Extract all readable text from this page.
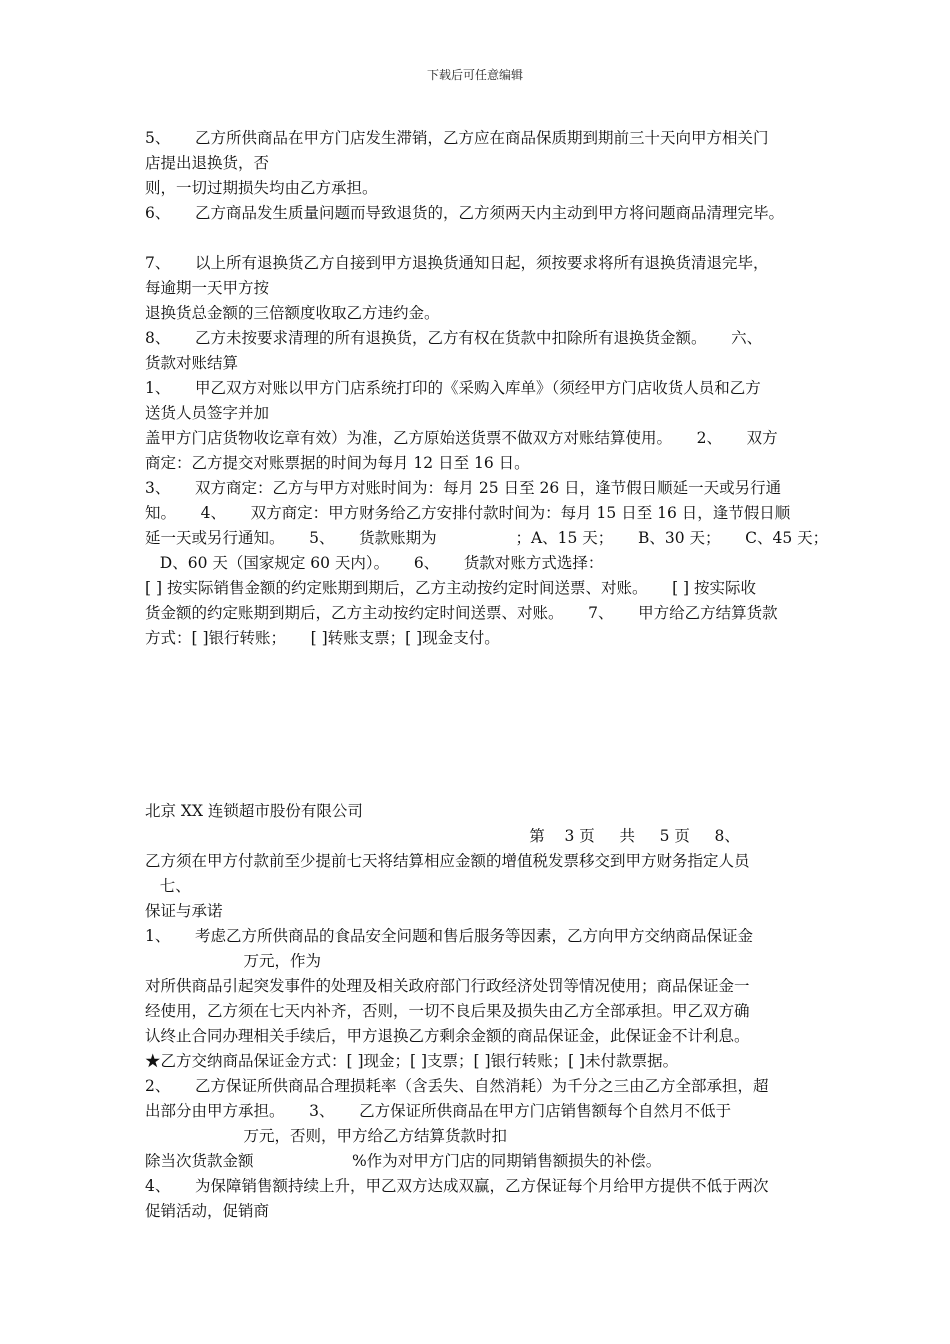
下载后可任意编辑
5、     乙方所供商品在甲方门店发生滞销，乙方应在商品保质期到期前三十天向甲方相关门
店提出退换货，否
则，一切过期损失均由乙方承担。
6、     乙方商品发生质量问题而导致退货的，乙方须两天内主动到甲方将问题商品清理完毕。
7、     以上所有退换货乙方自接到甲方退换货通知日起，须按要求将所有退换货清退完毕，
每逾期一天甲方按
退换货总金额的三倍额度收取乙方违约金。
8、     乙方未按要求清理的所有退换货，乙方有权在货款中扣除所有退换货金额。     六、
货款对账结算
1、     甲乙双方对账以甲方门店系统打印的《采购入库单》（须经甲方门店收货人员和乙方
送货人员签字并加
盖甲方门店货物收讫章有效）为准，乙方原始送货票不做双方对账结算使用。     2、     双方
商定：乙方提交对账票据的时间为每月 12 日至 16 日。
3、     双方商定：乙方与甲方对账时间为：每月 25 日至 26 日，逢节假日顺延一天或另行通
知。     4、     双方商定：甲方财务给乙方安排付款时间为：每月 15 日至 16 日，逢节假日顺
延一天或另行通知。     5、     货款账期为                ；A、15 天；     B、30 天；     C、45 天；
D、60 天（国家规定 60 天内）。     6、     货款对账方式选择：
[ ] 按实际销售金额的约定账期到期后，乙方主动按约定时间送票、对账。     [ ] 按实际收
货金额的约定账期到期后，乙方主动按约定时间送票、对账。     7、     甲方给乙方结算货款
方式：[ ]银行转账；     [ ]转账支票；[ ]现金支付。
北京 XX 连锁超市股份有限公司
第    3 页     共     5 页     8、
乙方须在甲方付款前至少提前七天将结算相应金额的增值税发票移交到甲方财务指定人员
七、
保证与承诺
1、     考虑乙方所供商品的食品安全问题和售后服务等因素，乙方向甲方交纳商品保证金
万元，作为
对所供商品引起突发事件的处理及相关政府部门行政经济处罚等情况使用；商品保证金一
经使用，乙方须在七天内补齐，否则，一切不良后果及损失由乙方全部承担。甲乙双方确
认终止合同办理相关手续后，甲方退换乙方剩余金额的商品保证金，此保证金不计利息。
★乙方交纳商品保证金方式：[ ]现金；[ ]支票；[ ]银行转账；[ ]未付款票据。
2、     乙方保证所供商品合理损耗率（含丢失、自然消耗）为千分之三由乙方全部承担，超
出部分由甲方承担。     3、     乙方保证所供商品在甲方门店销售额每个自然月不低于
万元，否则，甲方给乙方结算货款时扣
除当次货款金额                    %作为对甲方门店的同期销售额损失的补偿。
4、     为保障销售额持续上升，甲乙双方达成双赢，乙方保证每个月给甲方提供不低于两次
促销活动，促销商
